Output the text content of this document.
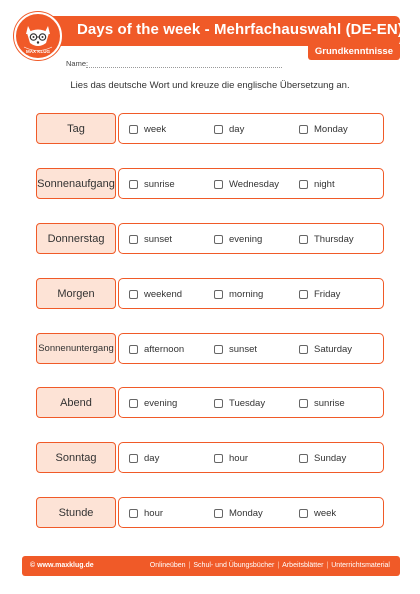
Days of the week - Mehrfachauswahl (DE-EN)
MAX KLUG	Grundkenntnisse
Name:
Lies das deutsche Wort und kreuze die englische Übersetzung an.
Tag	week	day	Monday
Sonnenaufgang	sunrise	Wednesday	night
Donnerstag	sunset	evening	Thursday
Morgen	weekend	morning	Friday
Sonnenuntergang	afternoon	sunset	Saturday
Abend	evening	Tuesday	sunrise
Sonntag	day	hour	Sunday
Stunde	hour	Monday	week
© www.maxklug.de	Onlineüben | Schul- und Übungsbücher | Arbeitsblätter | Unterrichtsmaterial
